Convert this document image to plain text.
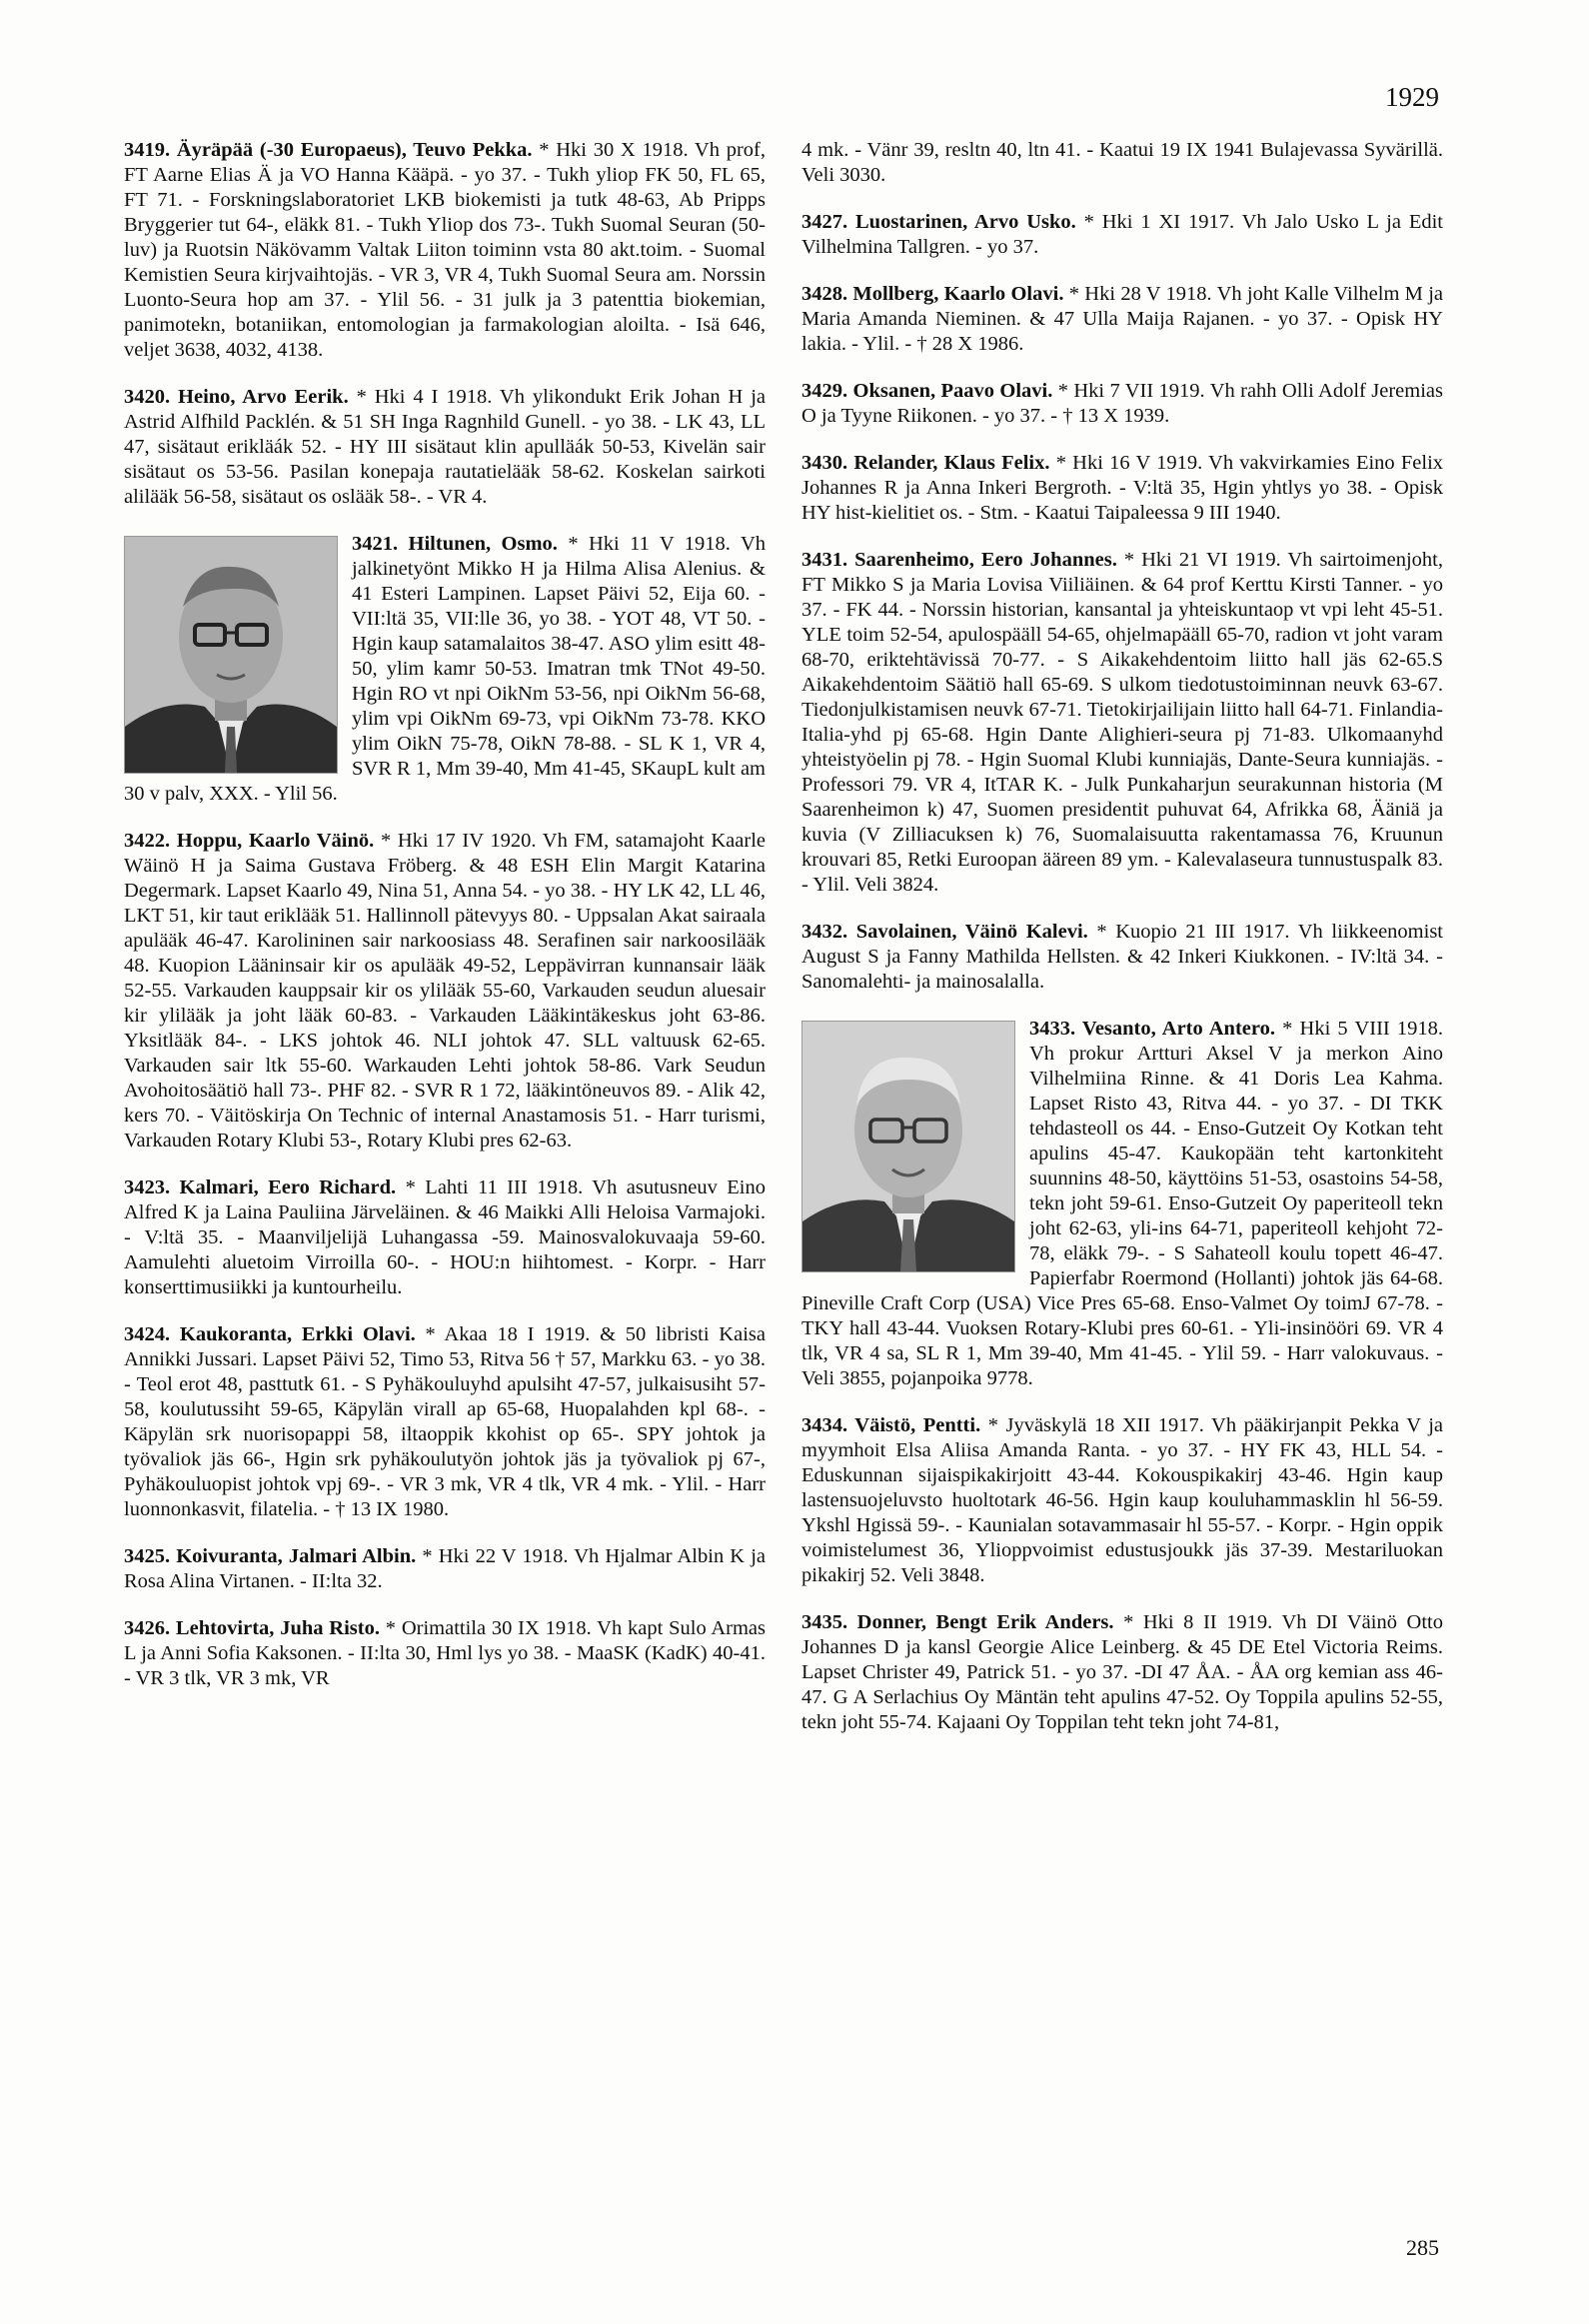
1929

3419. Äyräpää (-30 Europaeus), Teuvo Pekka. * Hki 30 X 1918. Vh prof, FT Aarne Elias Ä ja VO Hanna Kääpä. - yo 37. - Tukh yliop FK 50, FL 65, FT 71. - Forskningslaboratoriet LKB biokemisti ja tutk 48-63, Ab Pripps Bryggerier tut 64-, eläkk 81. - Tukh Yliop dos 73-. Tukh Suomal Seuran (50-luv) ja Ruotsin Näkövamm Valtak Liiton toiminn vsta 80 akt.toim. - Suomal Kemistien Seura kirjvaihtojäs. - VR 3, VR 4, Tukh Suomal Seura am. Norssin Luonto-Seura hop am 37. - Ylil 56. - 31 julk ja 3 patenttia biokemian, panimotekn, botaniikan, entomologian ja farmakologian aloilta. - Isä 646, veljet 3638, 4032, 4138.

3420. Heino, Arvo Eerik. * Hki 4 I 1918. Vh ylikondukt Erik Johan H ja Astrid Alfhild Packlén. & 51 SH Inga Ragnhild Gunell. - yo 38. - LK 43, LL 47, sisätaut erikläák 52. - HY III sisätaut klin apulläák 50-53, Kivelän sair sisätaut os 53-56. Pasilan konepaja rautatielääk 58-62. Koskelan sairkoti alilääk 56-58, sisätaut os oslääk 58-. - VR 4.

3421. Hiltunen, Osmo. * Hki 11 V 1918. Vh jalkinetyönt Mikko H ja Hilma Alisa Alenius. & 41 Esteri Lampinen. Lapset Päivi 52, Eija 60. - VII:ltä 35, VII:lle 36, yo 38. - YOT 48, VT 50. - Hgin kaup satamalaitos 38-47. ASO ylim esitt 48-50, ylim kamr 50-53. Imatran tmk TNot 49-50. Hgin RO vt npi OikNm 53-56, npi OikNm 56-68, ylim vpi OikNm 69-73, vpi OikNm 73-78. KKO ylim OikN 75-78, OikN 78-88. - SL K 1, VR 4, SVR R 1, Mm 39-40, Mm 41-45, SKaupL kult am 30 v palv, XXX. - Ylil 56.

3422. Hoppu, Kaarlo Väinö. * Hki 17 IV 1920. Vh FM, satamajoht Kaarle Wäinö H ja Saima Gustava Fröberg. & 48 ESH Elin Margit Katarina Degermark. Lapset Kaarlo 49, Nina 51, Anna 54. - yo 38. - HY LK 42, LL 46, LKT 51, kir taut eriklääk 51. Hallinnoll pätevyys 80. - Uppsalan Akat sairaala apulääk 46-47. Karolininen sair narkoosiass 48. Serafinen sair narkoosilääk 48. Kuopion Lääninsair kir os apulääk 49-52, Leppävirran kunnansair lääk 52-55. Varkauden kauppsair kir os ylilääk 55-60, Varkauden seudun aluesair kir ylilääk ja joht lääk 60-83. - Varkauden Lääkintäkeskus joht 63-86. Yksitlääk 84-. - LKS johtok 46. NLI johtok 47. SLL valtuusk 62-65. Varkauden sair ltk 55-60. Warkauden Lehti johtok 58-86. Vark Seudun Avohoitosäätiö hall 73-. PHF 82. - SVR R 1 72, lääkintöneuvos 89. - Alik 42, kers 70. - Väitöskirja On Technic of internal Anastamosis 51. - Harr turismi, Varkauden Rotary Klubi 53-, Rotary Klubi pres 62-63.

3423. Kalmari, Eero Richard. * Lahti 11 III 1918. Vh asutusneuv Eino Alfred K ja Laina Pauliina Järveläinen. & 46 Maikki Alli Heloisa Varmajoki. - V:ltä 35. - Maanviljelijä Luhangassa -59. Mainosvalokuvaaja 59-60. Aamulehti aluetoim Virroilla 60-. - HOU:n hiihtomest. - Korpr. - Harr konserttimusiikki ja kuntourheilu.

3424. Kaukoranta, Erkki Olavi. * Akaa 18 I 1919. & 50 libristi Kaisa Annikki Jussari. Lapset Päivi 52, Timo 53, Ritva 56 † 57, Markku 63. - yo 38. - Teol erot 48, pasttutk 61. - S Pyhäkouluyhd apulsiht 47-57, julkaisusiht 57-58, koulutussiht 59-65, Käpylän virall ap 65-68, Huopalahden kpl 68-. - Käpylän srk nuorisopappi 58, iltaoppik kkohist op 65-. SPY johtok ja työvaliok jäs 66-, Hgin srk pyhäkoulutyön johtok jäs ja työvaliok pj 67-, Pyhäkouluopist johtok vpj 69-. - VR 3 mk, VR 4 tlk, VR 4 mk. - Ylil. - Harr luonnonkasvit, filatelia. - † 13 IX 1980.

3425. Koivuranta, Jalmari Albin. * Hki 22 V 1918. Vh Hjalmar Albin K ja Rosa Alina Virtanen. - II:lta 32.

3426. Lehtovirta, Juha Risto. * Orimattila 30 IX 1918. Vh kapt Sulo Armas L ja Anni Sofia Kaksonen. - II:lta 30, Hml lys yo 38. - MaaSK (KadK) 40-41. - VR 3 tlk, VR 3 mk, VR

4 mk. - Vänr 39, resltn 40, ltn 41. - Kaatui 19 IX 1941 Bulajevassa Syvärillä. Veli 3030.

3427. Luostarinen, Arvo Usko. * Hki 1 XI 1917. Vh Jalo Usko L ja Edit Vilhelmina Tallgren. - yo 37.

3428. Mollberg, Kaarlo Olavi. * Hki 28 V 1918. Vh joht Kalle Vilhelm M ja Maria Amanda Nieminen. & 47 Ulla Maija Rajanen. - yo 37. - Opisk HY lakia. - Ylil. - † 28 X 1986.

3429. Oksanen, Paavo Olavi. * Hki 7 VII 1919. Vh rahh Olli Adolf Jeremias O ja Tyyne Riikonen. - yo 37. - † 13 X 1939.

3430. Relander, Klaus Felix. * Hki 16 V 1919. Vh vakvirkamies Eino Felix Johannes R ja Anna Inkeri Bergroth. - V:ltä 35, Hgin yhtlys yo 38. - Opisk HY hist-kielitiet os. - Stm. - Kaatui Taipaleessa 9 III 1940.

3431. Saarenheimo, Eero Johannes. * Hki 21 VI 1919. Vh sairtoimenjoht, FT Mikko S ja Maria Lovisa Viiliäinen. & 64 prof Kerttu Kirsti Tanner. - yo 37. - FK 44. - Norssin historian, kansantal ja yhteiskuntaop vt vpi leht 45-51. YLE toim 52-54, apulospääll 54-65, ohjelmapääll 65-70, radion vt joht varam 68-70, eriktehtävissä 70-77. - S Aikakehdentoim liitto hall jäs 62-65.S Aikakehdentoim Säätiö hall 65-69. S ulkom tiedotustoiminnan neuvk 63-67. Tiedonjulkistamisen neuvk 67-71. Tietokirjailijain liitto hall 64-71. Finlandia-Italia-yhd pj 65-68. Hgin Dante Alighieri-seura pj 71-83. Ulkomaanyhd yhteistyöelin pj 78. - Hgin Suomal Klubi kunniajäs, Dante-Seura kunniajäs. - Professori 79. VR 4, ItTAR K. - Julk Punkaharjun seurakunnan historia (M Saarenheimon k) 47, Suomen presidentit puhuvat 64, Afrikka 68, Ääniä ja kuvia (V Zilliacuksen k) 76, Suomalaisuutta rakentamassa 76, Kruunun krouvari 85, Retki Euroopan ääreen 89 ym. - Kalevalaseura tunnustuspalk 83. - Ylil. Veli 3824.

3432. Savolainen, Väinö Kalevi. * Kuopio 21 III 1917. Vh liikkeenomist August S ja Fanny Mathilda Hellsten. & 42 Inkeri Kiukkonen. - IV:ltä 34. - Sanomalehti- ja mainosalalla.

3433. Vesanto, Arto Antero. * Hki 5 VIII 1918. Vh prokur Artturi Aksel V ja merkon Aino Vilhelmiina Rinne. & 41 Doris Lea Kahma. Lapset Risto 43, Ritva 44. - yo 37. - DI TKK tehdasteoll os 44. - Enso-Gutzeit Oy Kotkan teht apulins 45-47. Kaukopään teht kartonkiteht suunnins 48-50, käyttöins 51-53, osastoins 54-58, tekn joht 59-61. Enso-Gutzeit Oy paperiteoll tekn joht 62-63, yli-ins 64-71, paperiteoll kehjoht 72-78, eläkk 79-. - S Sahateoll koulu topett 46-47. Papierfabr Roermond (Hollanti) johtok jäs 64-68. Pineville Craft Corp (USA) Vice Pres 65-68. Enso-Valmet Oy toimJ 67-78. - TKY hall 43-44. Vuoksen Rotary-Klubi pres 60-61. - Yli-insinööri 69. VR 4 tlk, VR 4 sa, SL R 1, Mm 39-40, Mm 41-45. - Ylil 59. - Harr valokuvaus. - Veli 3855, pojanpoika 9778.

3434. Väistö, Pentti. * Jyväskylä 18 XII 1917. Vh pääkirjanpit Pekka V ja myymhoit Elsa Aliisa Amanda Ranta. - yo 37. - HY FK 43, HLL 54. - Eduskunnan sijaispikakirjoitt 43-44. Kokouspikakirj 43-46. Hgin kaup lastensuojeluvsto huoltotark 46-56. Hgin kaup kouluhammasklin hl 56-59. Ykshl Hgissä 59-. - Kaunialan sotavammasair hl 55-57. - Korpr. - Hgin oppik voimistelumest 36, Ylioppvoimist edustusjoukk jäs 37-39. Mestariluokan pikakirj 52. Veli 3848.

3435. Donner, Bengt Erik Anders. * Hki 8 II 1919. Vh DI Väinö Otto Johannes D ja kansl Georgie Alice Leinberg. & 45 DE Etel Victoria Reims. Lapset Christer 49, Patrick 51. - yo 37. -DI 47 ÅA. - ÅA org kemian ass 46-47. G A Serlachius Oy Mäntän teht apulins 47-52. Oy Toppila apulins 52-55, tekn joht 55-74. Kajaani Oy Toppilan teht tekn joht 74-81,

285
